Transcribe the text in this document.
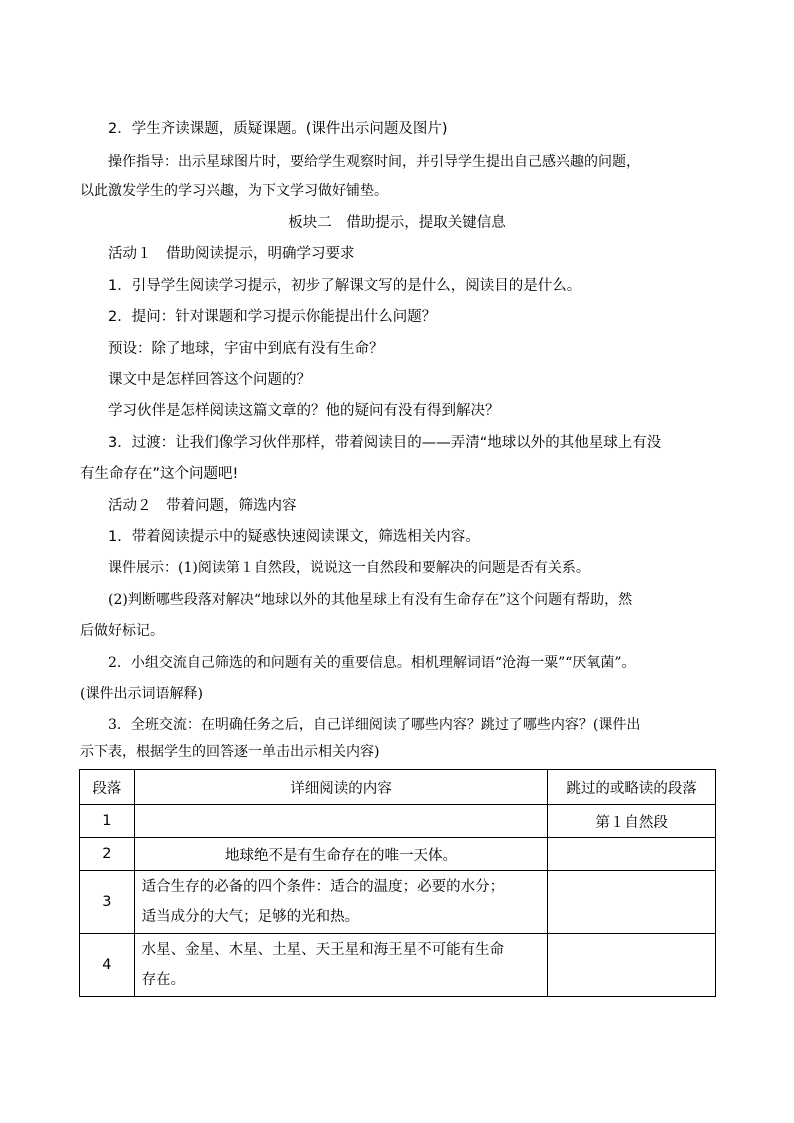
2．学生齐读课题，质疑课题。(课件出示问题及图片)
操作指导：出示星球图片时，要给学生观察时间，并引导学生提出自己感兴趣的问题，
以此激发学生的学习兴趣，为下文学习做好铺垫。
板块二　借助提示，提取关键信息
活动１　借助阅读提示，明确学习要求
1．引导学生阅读学习提示，初步了解课文写的是什么，阅读目的是什么。
2．提问：针对课题和学习提示你能提出什么问题？
预设：除了地球，宇宙中到底有没有生命？
课文中是怎样回答这个问题的？
学习伙伴是怎样阅读这篇文章的？他的疑问有没有得到解决？
3．过渡：让我们像学习伙伴那样，带着阅读目的——弄清“地球以外的其他星球上有没
有生命存在”这个问题吧!
活动２　带着问题，筛选内容
1．带着阅读提示中的疑惑快速阅读课文，筛选相关内容。
课件展示：(1)阅读第１自然段，说说这一自然段和要解决的问题是否有关系。
(2)判断哪些段落对解决“地球以外的其他星球上有没有生命存在”这个问题有帮助，然
后做好标记。
2．小组交流自己筛选的和问题有关的重要信息。相机理解词语“沧海一粟”“厌氧菌”。
(课件出示词语解释)
3．全班交流：在明确任务之后，自己详细阅读了哪些内容？跳过了哪些内容？(课件出
示下表，根据学生的回答逐一单击出示相关内容)
段落	详细阅读的内容	跳过的或略读的段落
1		第１自然段
2	地球绝不是有生命存在的唯一天体。	
3	适合生存的必备的四个条件：适合的温度；必要的水分；
适当成分的大气；足够的光和热。	

4	水星、金星、木星、土星、天王星和海王星不可能有生命
存在。	
